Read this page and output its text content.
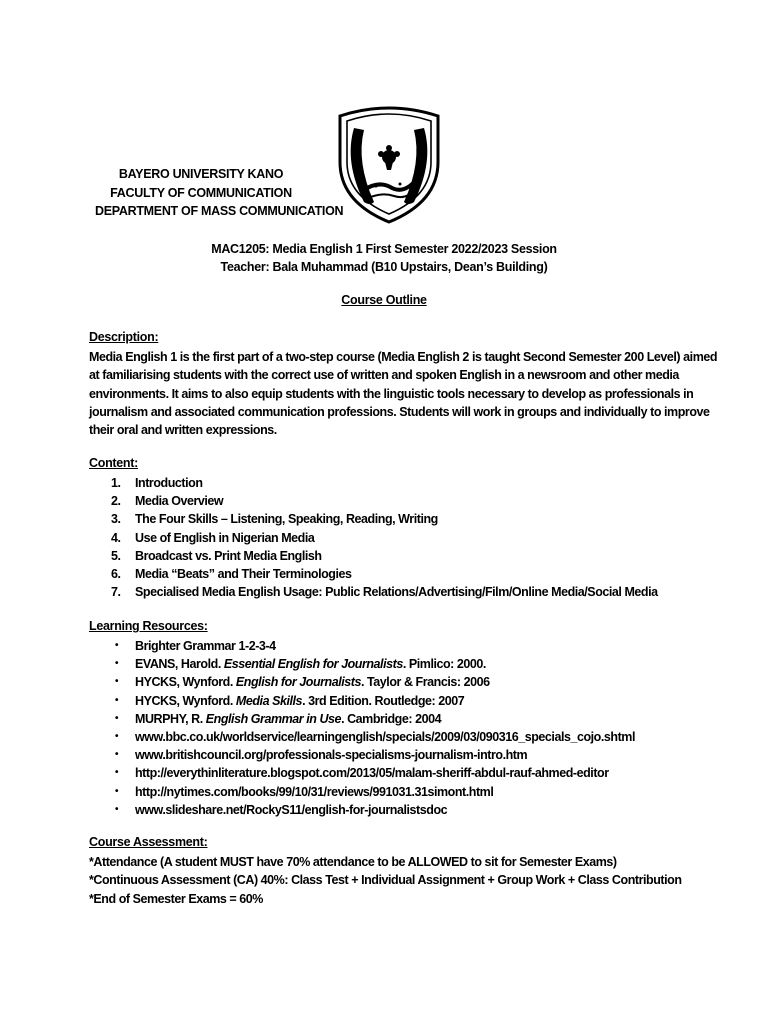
BAYERO UNIVERSITY KANO
FACULTY OF COMMUNICATION
DEPARTMENT OF MASS COMMUNICATION
MAC1205: Media English 1 First Semester 2022/2023 Session
Teacher: Bala Muhammad (B10 Upstairs, Dean’s Building)
Course Outline
Description:
Media English 1 is the first part of a two-step course (Media English 2 is taught Second Semester 200 Level) aimed
at familiarising students with the correct use of written and spoken English in a newsroom and other media
environments. It aims to also equip students with the linguistic tools necessary to develop as professionals in
journalism and associated communication professions. Students will work in groups and individually to improve
their oral and written expressions.
Content:
1. Introduction
2. Media Overview
3. The Four Skills – Listening, Speaking, Reading, Writing
4. Use of English in Nigerian Media
5. Broadcast vs. Print Media English
6. Media “Beats” and Their Terminologies
7. Specialised Media English Usage: Public Relations/Advertising/Film/Online Media/Social Media
Learning Resources:
• Brighter Grammar 1-2-3-4
• EVANS, Harold. Essential English for Journalists. Pimlico: 2000.
• HYCKS, Wynford. English for Journalists. Taylor & Francis: 2006
• HYCKS, Wynford. Media Skills. 3rd Edition. Routledge: 2007
• MURPHY, R. English Grammar in Use. Cambridge: 2004
• www.bbc.co.uk/worldservice/learningenglish/specials/2009/03/090316_specials_cojo.shtml
• www.britishcouncil.org/professionals-specialisms-journalism-intro.htm
• http://everythinliterature.blogspot.com/2013/05/malam-sheriff-abdul-rauf-ahmed-editor
• http://nytimes.com/books/99/10/31/reviews/991031.31simont.html
• www.slideshare.net/RockyS11/english-for-journalistsdoc
Course Assessment:
*Attendance (A student MUST have 70% attendance to be ALLOWED to sit for Semester Exams)
*Continuous Assessment (CA) 40%: Class Test + Individual Assignment + Group Work + Class Contribution
*End of Semester Exams = 60%
